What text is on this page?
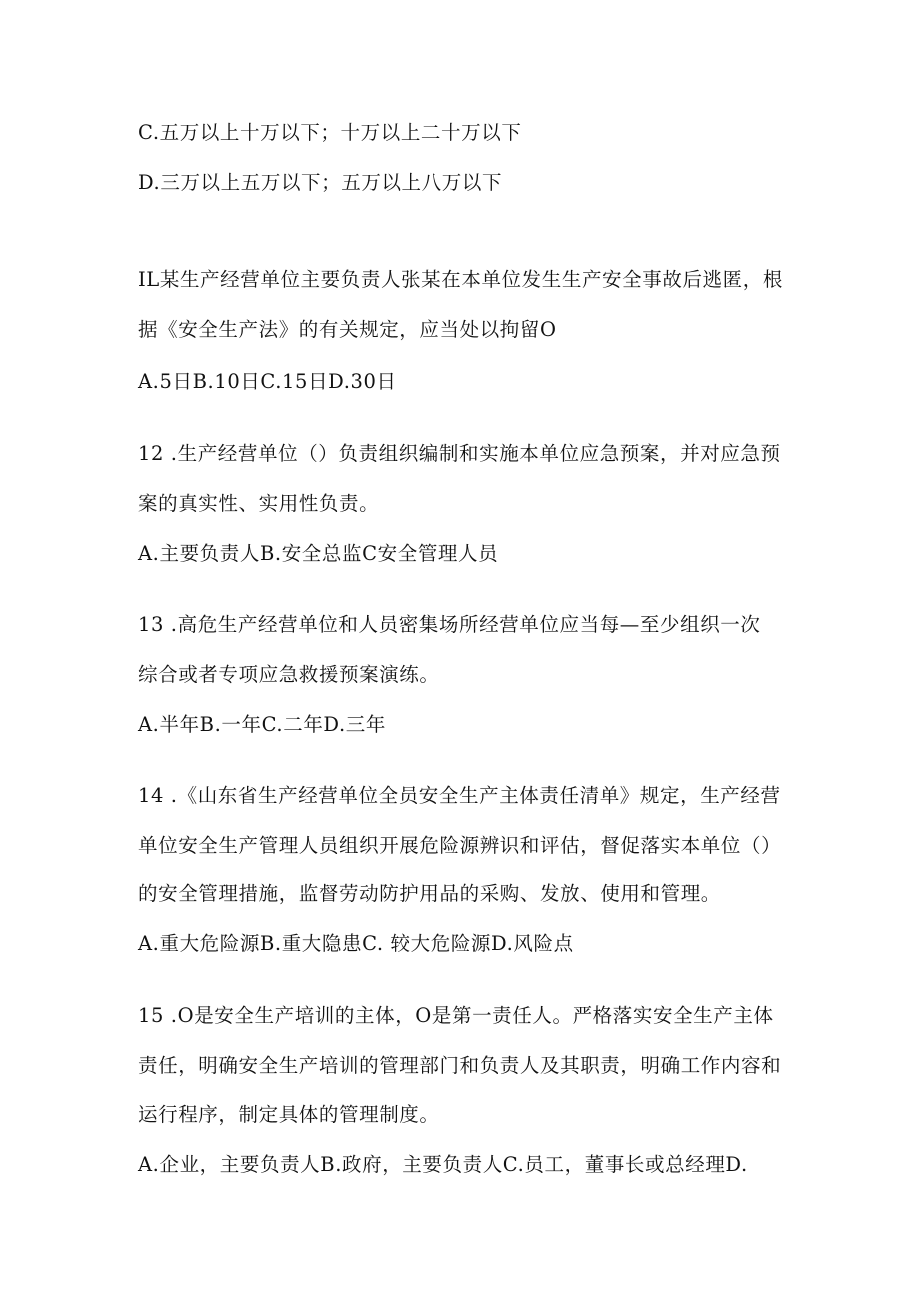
C.五万以上十万以下；十万以上二十万以下
D.三万以上五万以下；五万以上八万以下
IL某生产经营单位主要负责人张某在本单位发生生产安全事故后逃匿，根
据《安全生产法》的有关规定，应当处以拘留O
A.5日B.10日C.15日D.30日
12 .生产经营单位（）负责组织编制和实施本单位应急预案，并对应急预
案的真实性、实用性负责。
A.主要负责人B.安全总监C安全管理人员
13 .高危生产经营单位和人员密集场所经营单位应当每—至少组织一次
综合或者专项应急救援预案演练。
A.半年B.一年C.二年D.三年
14 .《山东省生产经营单位全员安全生产主体责任清单》规定，生产经营
单位安全生产管理人员组织开展危险源辨识和评估，督促落实本单位（）
的安全管理措施，监督劳动防护用品的采购、发放、使用和管理。
A.重大危险源B.重大隐患C. 较大危险源D.风险点
15 .O是安全生产培训的主体，O是第一责任人。严格落实安全生产主体
责任，明确安全生产培训的管理部门和负责人及其职责，明确工作内容和
运行程序，制定具体的管理制度。
A.企业，主要负责人B.政府，主要负责人C.员工，董事长或总经理D.
